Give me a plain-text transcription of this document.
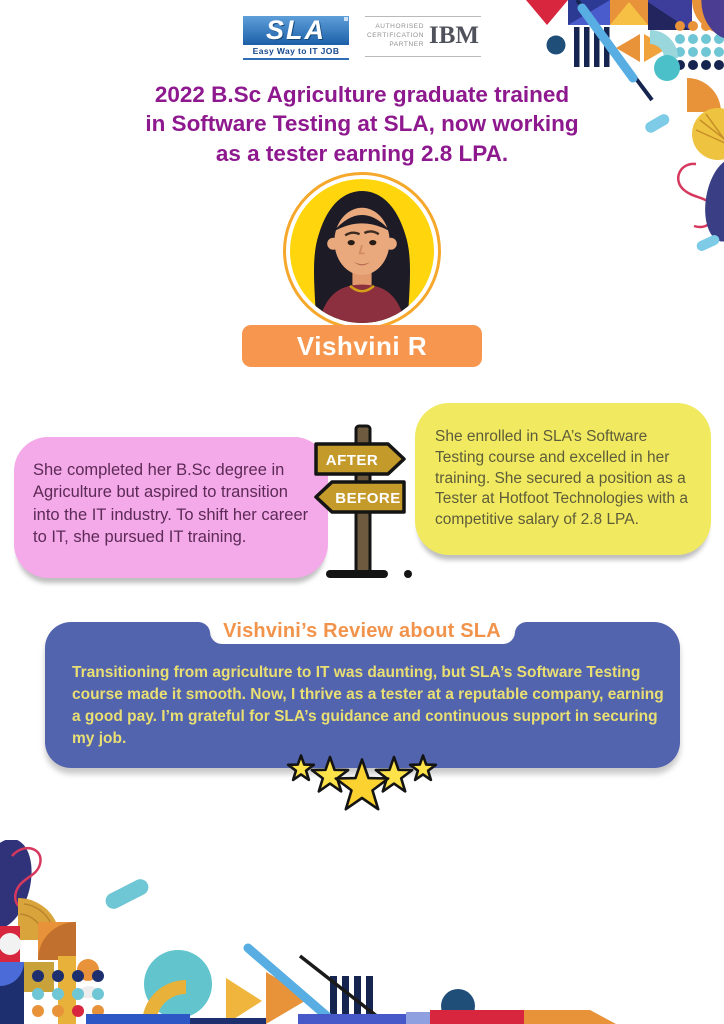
SLA
Easy Way to IT JOB
AUTHORISED
CERTIFICATION
PARTNER IBM
2022 B.Sc Agriculture graduate trained
in Software Testing at SLA, now working
as a tester earning 2.8 LPA.
Vishvini R
She completed her B.Sc degree in Agriculture but aspired to transition into the IT industry. To shift her career to IT, she pursued IT training.
She enrolled in SLA’s Software Testing course and excelled in her training. She secured a position as a Tester at Hotfoot Technologies with a competitive salary of 2.8 LPA.
AFTER
BEFORE
Vishvini’s Review about SLA
Transitioning from agriculture to IT was daunting, but SLA’s Software Testing course made it smooth. Now, I thrive as a tester at a reputable company, earning a good pay. I’m grateful for SLA’s guidance and continuous support in securing my job.
